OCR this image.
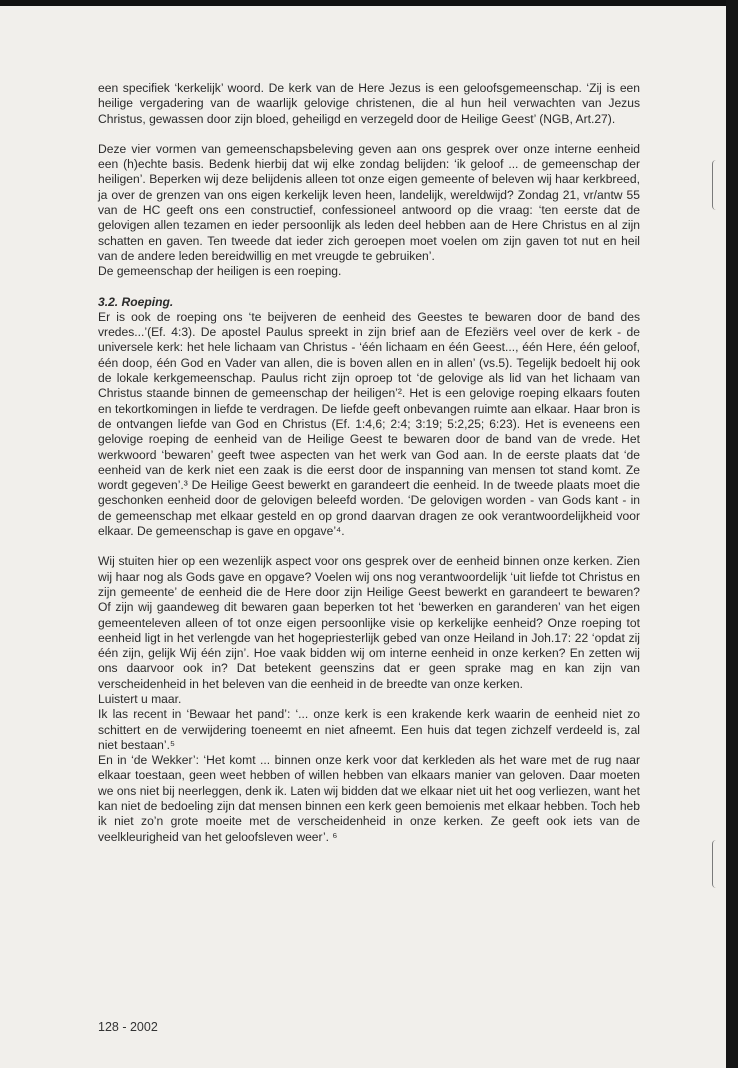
een specifiek ‘kerkelijk’ woord. De kerk van de Here Jezus is een geloofsgemeenschap. ‘Zij is een heilige vergadering van de waarlijk gelovige christenen, die al hun heil verwachten van Jezus Christus, gewassen door zijn bloed, geheiligd en verzegeld door de Heilige Geest’ (NGB, Art.27).

Deze vier vormen van gemeenschapsbeleving geven aan ons gesprek over onze interne eenheid een (h)echte basis. Bedenk hierbij dat wij elke zondag belijden: ‘ik geloof ... de gemeenschap der heiligen’. Beperken wij deze belijdenis alleen tot onze eigen gemeente of beleven wij haar kerkbreed, ja over de grenzen van ons eigen kerkelijk leven heen, landelijk, wereldwijd? Zondag 21, vr/antw 55 van de HC geeft ons een constructief, confessioneel antwoord op die vraag: ‘ten eerste dat de gelovigen allen tezamen en ieder persoonlijk als leden deel hebben aan de Here Christus en al zijn schatten en gaven. Ten tweede dat ieder zich geroepen moet voelen om zijn gaven tot nut en heil van de andere leden bereidwillig en met vreugde te gebruiken’.

De gemeenschap der heiligen is een roeping.

3.2. Roeping.

Er is ook de roeping ons ‘te beijveren de eenheid des Geestes te bewaren door de band des vredes...’(Ef. 4:3). De apostel Paulus spreekt in zijn brief aan de Efeziërs veel over de kerk - de universele kerk: het hele lichaam van Christus - ‘één lichaam en één Geest..., één Here, één geloof, één doop, één God en Vader van allen, die is boven allen en in allen’ (vs.5). Tegelijk bedoelt hij ook de lokale kerkgemeenschap. Paulus richt zijn oproep tot ‘de gelovige als lid van het lichaam van Christus staande binnen de gemeenschap der heiligen’². Het is een gelovige roeping elkaars fouten en tekortkomingen in liefde te verdragen. De liefde geeft onbevangen ruimte aan elkaar. Haar bron is de ontvangen liefde van God en Christus (Ef. 1:4,6; 2:4; 3:19; 5:2,25; 6:23). Het is eveneens een gelovige roeping de eenheid van de Heilige Geest te bewaren door de band van de vrede. Het werkwoord ‘bewaren’ geeft twee aspecten van het werk van God aan. In de eerste plaats dat ‘de eenheid van de kerk niet een zaak is die eerst door de inspanning van mensen tot stand komt. Ze wordt gegeven’.³ De Heilige Geest bewerkt en garandeert die eenheid. In de tweede plaats moet die geschonken eenheid door de gelovigen beleefd worden. ‘De gelovigen worden - van Gods kant - in de gemeenschap met elkaar gesteld en op grond daarvan dragen ze ook verantwoordelijkheid voor elkaar. De gemeenschap is gave en opgave’⁴.

Wij stuiten hier op een wezenlijk aspect voor ons gesprek over de eenheid binnen onze kerken. Zien wij haar nog als Gods gave en opgave? Voelen wij ons nog verantwoordelijk ‘uit liefde tot Christus en zijn gemeente’ de eenheid die de Here door zijn Heilige Geest bewerkt en garandeert te bewaren? Of zijn wij gaandeweg dit bewaren gaan beperken tot het ‘bewerken en garanderen’ van het eigen gemeenteleven alleen of tot onze eigen persoonlijke visie op kerkelijke eenheid? Onze roeping tot eenheid ligt in het verlengde van het hogepriesterlijk gebed van onze Heiland in Joh.17: 22 ‘opdat zij één zijn, gelijk Wij één zijn’. Hoe vaak bidden wij om interne eenheid in onze kerken? En zetten wij ons daarvoor ook in? Dat betekent geenszins dat er geen sprake mag en kan zijn van verscheidenheid in het beleven van die eenheid in de breedte van onze kerken.

Luistert u maar.

Ik las recent in ‘Bewaar het pand’: ‘... onze kerk is een krakende kerk waarin de eenheid niet zo schittert en de verwijdering toeneemt en niet afneemt. Een huis dat tegen zichzelf verdeeld is, zal niet bestaan’.⁵

En in ‘de Wekker’: ‘Het komt ... binnen onze kerk voor dat kerkleden als het ware met de rug naar elkaar toestaan, geen weet hebben of willen hebben van elkaars manier van geloven. Daar moeten we ons niet bij neerleggen, denk ik. Laten wij bidden dat we elkaar niet uit het oog verliezen, want het kan niet de bedoeling zijn dat mensen binnen een kerk geen bemoienis met elkaar hebben. Toch heb ik niet zo’n grote moeite met de verscheidenheid in onze kerken. Ze geeft ook iets van de veelkleurigheid van het geloofsleven weer’. ⁶

128 - 2002
